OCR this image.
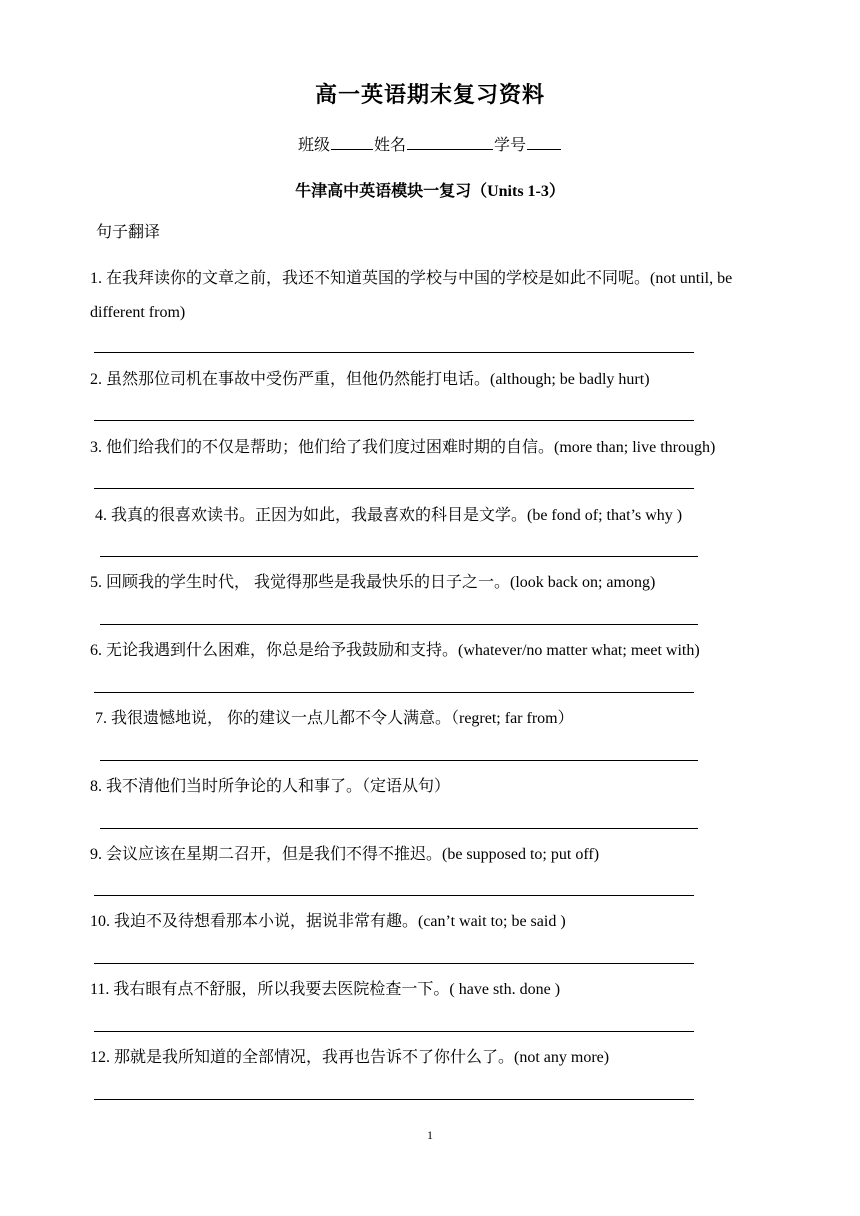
高一英语期末复习资料
班级	姓名	学号
牛津高中英语模块一复习（Units 1-3）
句子翻译
1. 在我拜读你的文章之前，我还不知道英国的学校与中国的学校是如此不同呢。(not until, be different from)
2. 虽然那位司机在事故中受伤严重，但他仍然能打电话。(although; be badly hurt)
3. 他们给我们的不仅是帮助；他们给了我们度过困难时期的自信。(more than; live through)
4. 我真的很喜欢读书。正因为如此，我最喜欢的科目是文学。(be fond of; that’s why )
5. 回顾我的学生时代， 我觉得那些是我最快乐的日子之一。(look back on; among)
6. 无论我遇到什么困难，你总是给予我鼓励和支持。(whatever/no matter what; meet with)
7. 我很遗憾地说， 你的建议一点儿都不令人满意。（regret; far from）
8. 我不清他们当时所争论的人和事了。（定语从句）
9. 会议应该在星期二召开，但是我们不得不推迟。(be supposed to; put off)
10. 我迫不及待想看那本小说，据说非常有趣。(can’t wait to; be said )
11. 我右眼有点不舒服，所以我要去医院检查一下。( have sth. done )
12. 那就是我所知道的全部情况，我再也告诉不了你什么了。(not any more)
1
